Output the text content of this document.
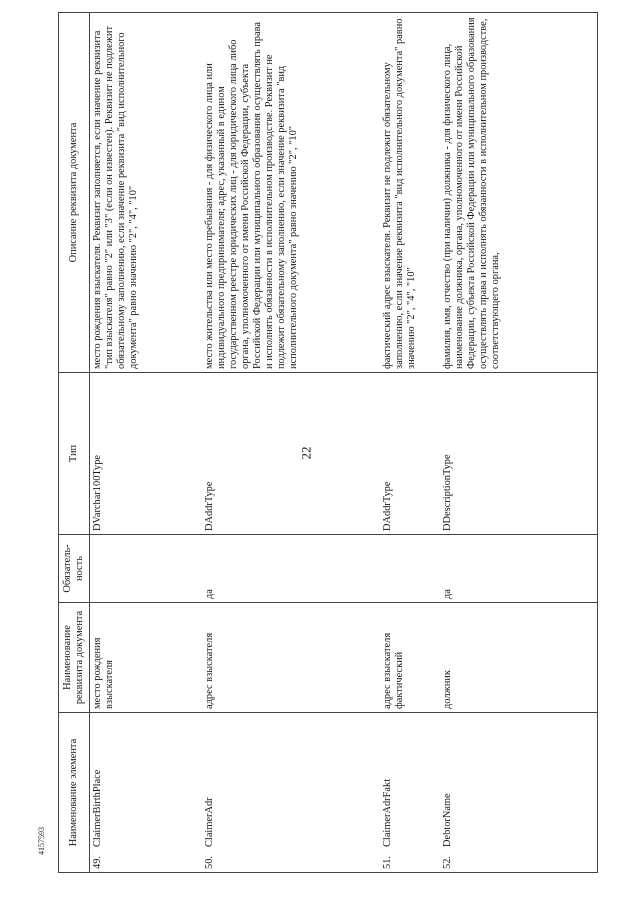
22
4157593 Наименование элемента	Наименование реквизита документа	Обязатель-ность	Тип	Описание реквизита документа
49.ClaimerBirthPlace	место рождения взыскателя		DVarchar100Type	место рождения взыскателя. Реквизит заполняется, если значение реквизита "тип взыскателя" равно "2" или "3" (если он известен). Реквизит не подлежит обязательному заполнению, если значение реквизита "вид исполнительного документа" равно значению "2", "4", "10"
50.ClaimerAdr	адрес взыскателя	да	DAddrType	место жительства или место пребывания - для физического лица или индивидуального предпринимателя; адрес, указанный в едином государственном реестре юридических лиц - для юридического лица либо органа, уполномоченного от имени Российской Федерации, субъекта Российской Федерации или муниципального образования осуществлять права и исполнять обязанности в исполнительном производстве. Реквизит не подлежит обязательному заполнению, если значение реквизита "вид исполнительного документа" равно значению "2", "10"
51.ClaimerAdrFakt	адрес взыскателя фактический		DAddrType	фактический адрес взыскателя. Реквизит не подлежит обязательному заполнению, если значение реквизита "вид исполнительного документа" равно значению "2", "4", "10"
52.DebtorName	должник	да	DDescriptionType	фамилия, имя, отчество (при наличии) должника - для физического лица, наименование должника, органа, уполномоченного от имени Российской Федерации, субъекта Российской Федерации или муниципального образования осуществлять права и исполнять обязанности в исполнительном производстве, соответствующего органа,
